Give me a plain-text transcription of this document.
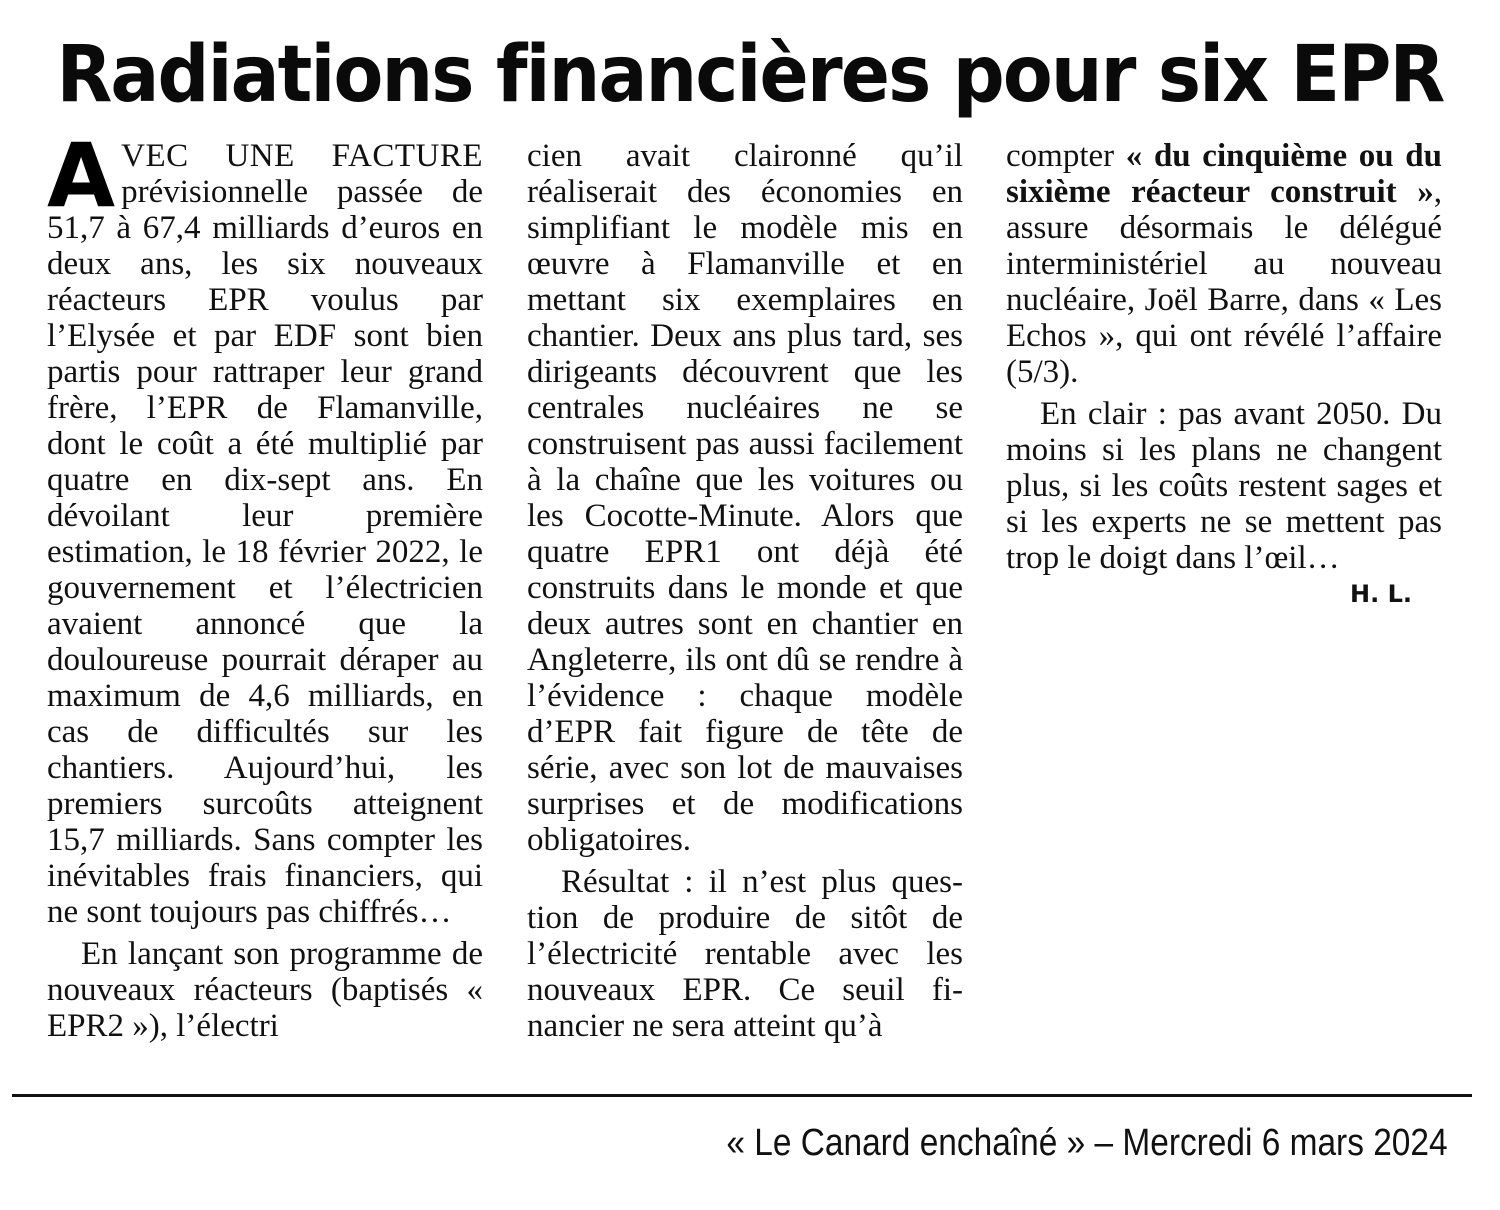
Radiations financières pour six EPR

AVEC UNE FACTURE prévisionnelle passée de 51,7 à 67,4 milliards d’euros en deux ans, les six nouveaux réacteurs EPR voulus par l’Elysée et par EDF sont bien partis pour rattraper leur grand frère, l’EPR de Flamanville, dont le coût a été multiplié par quatre en dix-sept ans. En dévoilant leur première estimation, le 18 février 2022, le gouvernement et l’électricien avaient annoncé que la douloureuse pourrait déraper au maximum de 4,6 milliards, en cas de difficultés sur les chantiers. Aujourd’hui, les premiers surcoûts atteignent 15,7 milliards. Sans compter les inévitables frais financiers, qui ne sont toujours pas chiffrés…

En lançant son programme de nouveaux réacteurs (baptisés « EPR2 »), l’électri

cien avait claironné qu’il réaliserait des économies en simplifiant le modèle mis en œuvre à Flamanville et en mettant six exemplaires en chantier. Deux ans plus tard, ses dirigeants découvrent que les centrales nucléaires ne se construisent pas aussi facilement à la chaîne que les voitures ou les Cocotte-Minute. Alors que quatre EPR1 ont déjà été construits dans le monde et que deux autres sont en chantier en Angleterre, ils ont dû se rendre à l’évidence : chaque modèle d’EPR fait figure de tête de série, avec son lot de mauvaises surprises et de modifications obligatoires.

Résultat : il n’est plus question de produire de sitôt de l’électricité rentable avec les nouveaux EPR. Ce seuil financier ne sera atteint qu’à

compter « du cinquième ou du sixième réacteur construit », assure désormais le délégué interministériel au nouveau nucléaire, Joël Barre, dans « Les Echos », qui ont révélé l’affaire (5/3).

En clair : pas avant 2050. Du moins si les plans ne changent plus, si les coûts restent sages et si les experts ne se mettent pas trop le doigt dans l’œil…
H. L.

« Le Canard enchaîné » – Mercredi 6 mars 2024
